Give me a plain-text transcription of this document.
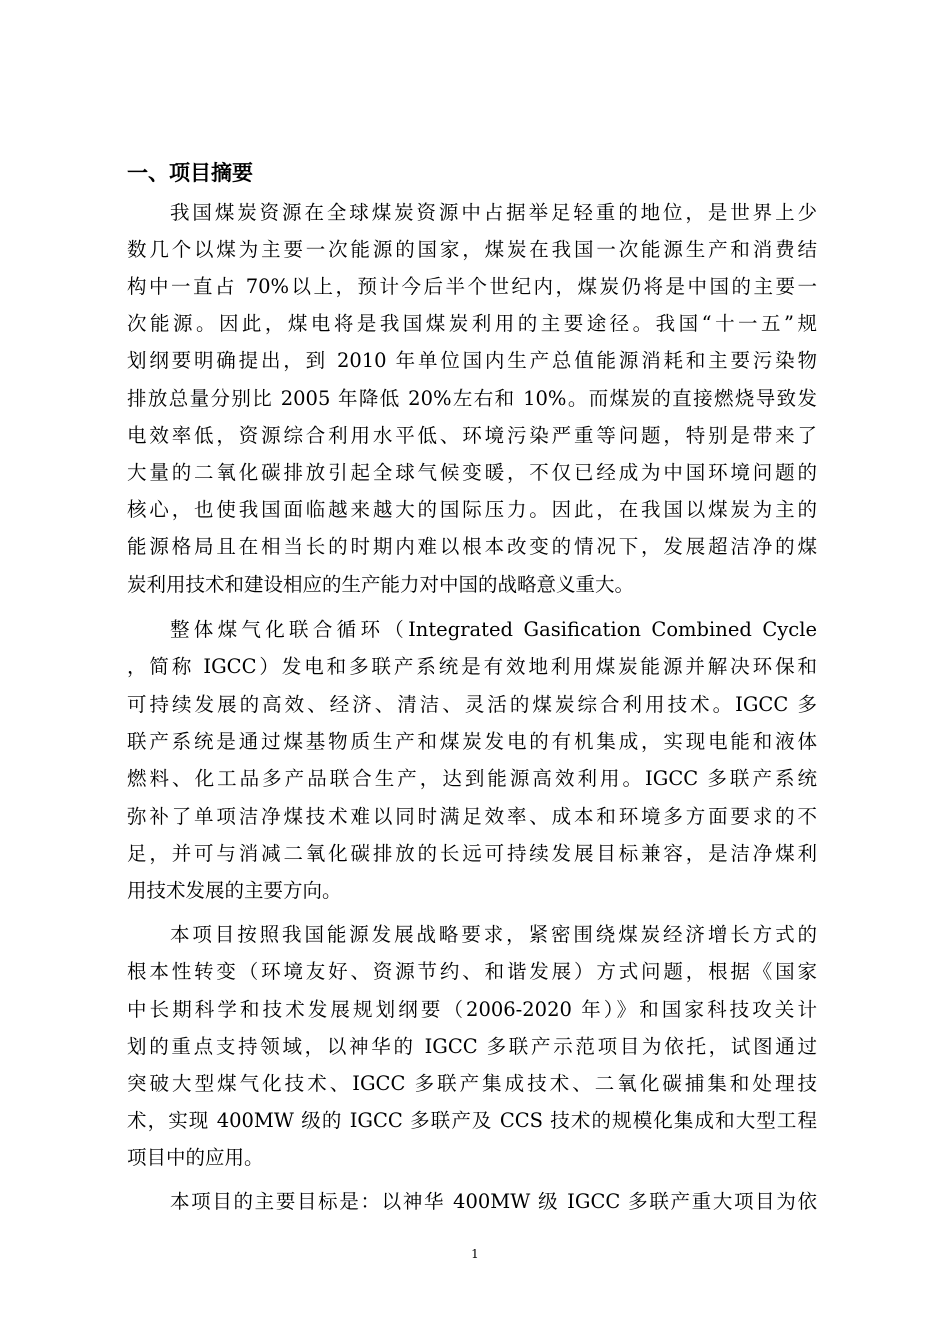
一、项目摘要
我国煤炭资源在全球煤炭资源中占据举足轻重的地位，是世界上少
数几个以煤为主要一次能源的国家，煤炭在我国一次能源生产和消费结
构中一直占 70%以上，预计今后半个世纪内，煤炭仍将是中国的主要一
次能源。因此，煤电将是我国煤炭利用的主要途径。我国“十一五”规
划纲要明确提出，到 2010 年单位国内生产总值能源消耗和主要污染物
排放总量分别比 2005 年降低 20%左右和 10%。而煤炭的直接燃烧导致发
电效率低，资源综合利用水平低、环境污染严重等问题，特别是带来了
大量的二氧化碳排放引起全球气候变暖，不仅已经成为中国环境问题的
核心，也使我国面临越来越大的国际压力。因此，在我国以煤炭为主的
能源格局且在相当长的时期内难以根本改变的情况下，发展超洁净的煤
炭利用技术和建设相应的生产能力对中国的战略意义重大。
整体煤气化联合循环（Integrated Gasification Combined Cycle
，简称 IGCC）发电和多联产系统是有效地利用煤炭能源并解决环保和
可持续发展的高效、经济、清洁、灵活的煤炭综合利用技术。IGCC 多
联产系统是通过煤基物质生产和煤炭发电的有机集成，实现电能和液体
燃料、化工品多产品联合生产，达到能源高效利用。IGCC 多联产系统
弥补了单项洁净煤技术难以同时满足效率、成本和环境多方面要求的不
足，并可与消减二氧化碳排放的长远可持续发展目标兼容，是洁净煤利
用技术发展的主要方向。
本项目按照我国能源发展战略要求，紧密围绕煤炭经济增长方式的
根本性转变（环境友好、资源节约、和谐发展）方式问题，根据《国家
中长期科学和技术发展规划纲要（2006-2020 年）》和国家科技攻关计
划的重点支持领域，以神华的 IGCC 多联产示范项目为依托，试图通过
突破大型煤气化技术、IGCC 多联产集成技术、二氧化碳捕集和处理技
术，实现 400MW 级的 IGCC 多联产及 CCS 技术的规模化集成和大型工程
项目中的应用。
本项目的主要目标是：以神华 400MW 级 IGCC 多联产重大项目为依
1
